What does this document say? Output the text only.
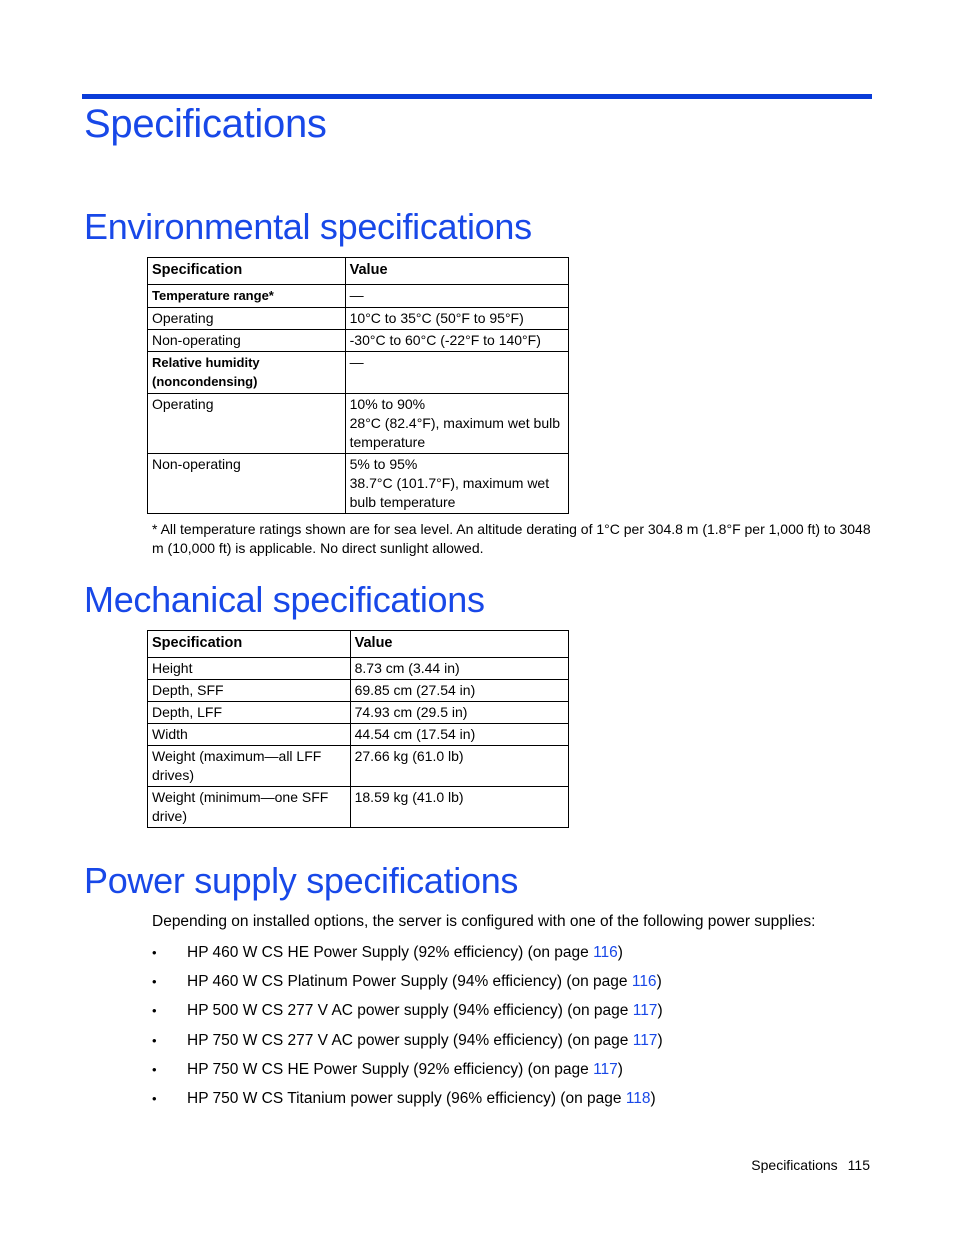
Specifications
Environmental specifications
Specification	Value
Temperature range*	—
Operating	10°C to 35°C (50°F to 95°F)
Non-operating	-30°C to 60°C (-22°F to 140°F)
Relative humidity (noncondensing)	—
Operating	10% to 90%
28°C (82.4°F), maximum wet bulb temperature

Non-operating	5% to 95%
38.7°C (101.7°F), maximum wet bulb temperature

* All temperature ratings shown are for sea level. An altitude derating of 1°C per 304.8 m (1.8°F per 1,000 ft) to 3048 m (10,000 ft) is applicable. No direct sunlight allowed.

Mechanical specifications
Specification	Value
Height	8.73 cm (3.44 in)
Depth, SFF	69.85 cm (27.54 in)
Depth, LFF	74.93 cm (29.5 in)
Width	44.54 cm (17.54 in)
Weight (maximum—all LFF drives)	27.66 kg (61.0 lb)
Weight (minimum—one SFF drive)	18.59 kg (41.0 lb)
Power supply specifications

Depending on installed options, the server is configured with one of the following power supplies:

• HP 460 W CS HE Power Supply (92% efficiency) (on page 116)
• HP 460 W CS Platinum Power Supply (94% efficiency) (on page 116)
• HP 500 W CS 277 V AC power supply (94% efficiency) (on page 117)
• HP 750 W CS 277 V AC power supply (94% efficiency) (on page 117)
• HP 750 W CS HE Power Supply (92% efficiency) (on page 117)
• HP 750 W CS Titanium power supply (96% efficiency) (on page 118)
Specifications 115
